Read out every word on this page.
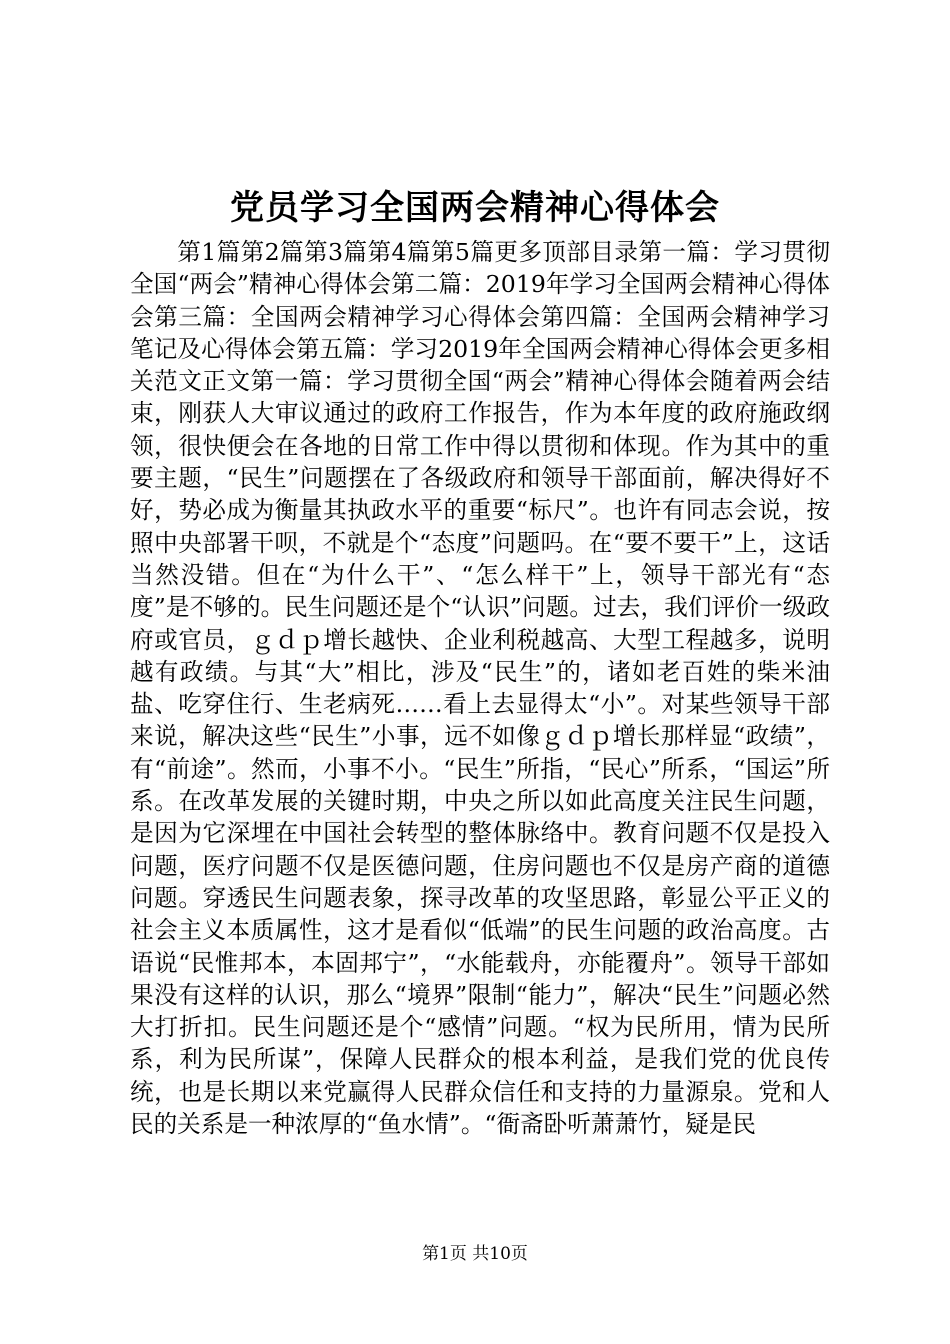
党员学习全国两会精神心得体会

第1篇第2篇第3篇第4篇第5篇更多顶部目录第一篇：学习贯彻全国“两会”精神心得体会第二篇：2019年学习全国两会精神心得体会第三篇：全国两会精神学习心得体会第四篇：全国两会精神学习笔记及心得体会第五篇：学习2019年全国两会精神心得体会更多相关范文正文第一篇：学习贯彻全国“两会”精神心得体会随着两会结束，刚获人大审议通过的政府工作报告，作为本年度的政府施政纲领，很快便会在各地的日常工作中得以贯彻和体现。作为其中的重要主题，“民生”问题摆在了各级政府和领导干部面前，解决得好不好，势必成为衡量其执政水平的重要“标尺”。也许有同志会说，按照中央部署干呗，不就是个“态度”问题吗。在“要不要干”上，这话当然没错。但在“为什么干”、“怎么样干”上，领导干部光有“态度”是不够的。民生问题还是个“认识”问题。过去，我们评价一级政府或官员，ｇｄｐ增长越快、企业利税越高、大型工程越多，说明越有政绩。与其“大”相比，涉及“民生”的，诸如老百姓的柴米油盐、吃穿住行、生老病死……看上去显得太“小”。对某些领导干部来说，解决这些“民生”小事，远不如像ｇｄｐ增长那样显“政绩”，有“前途”。然而，小事不小。“民生”所指，“民心”所系，“国运”所系。在改革发展的关键时期，中央之所以如此高度关注民生问题，是因为它深埋在中国社会转型的整体脉络中。教育问题不仅是投入问题，医疗问题不仅是医德问题，住房问题也不仅是房产商的道德问题。穿透民生问题表象，探寻改革的攻坚思路，彰显公平正义的社会主义本质属性，这才是看似“低端”的民生问题的政治高度。古语说“民惟邦本，本固邦宁”，“水能载舟，亦能覆舟”。领导干部如果没有这样的认识，那么“境界”限制“能力”，解决“民生”问题必然大打折扣。民生问题还是个“感情”问题。“权为民所用，情为民所系，利为民所谋”，保障人民群众的根本利益，是我们党的优良传统，也是长期以来党赢得人民群众信任和支持的力量源泉。党和人民的关系是一种浓厚的“鱼水情”。“衙斋卧听萧萧竹，疑是民

第1页 共10页
